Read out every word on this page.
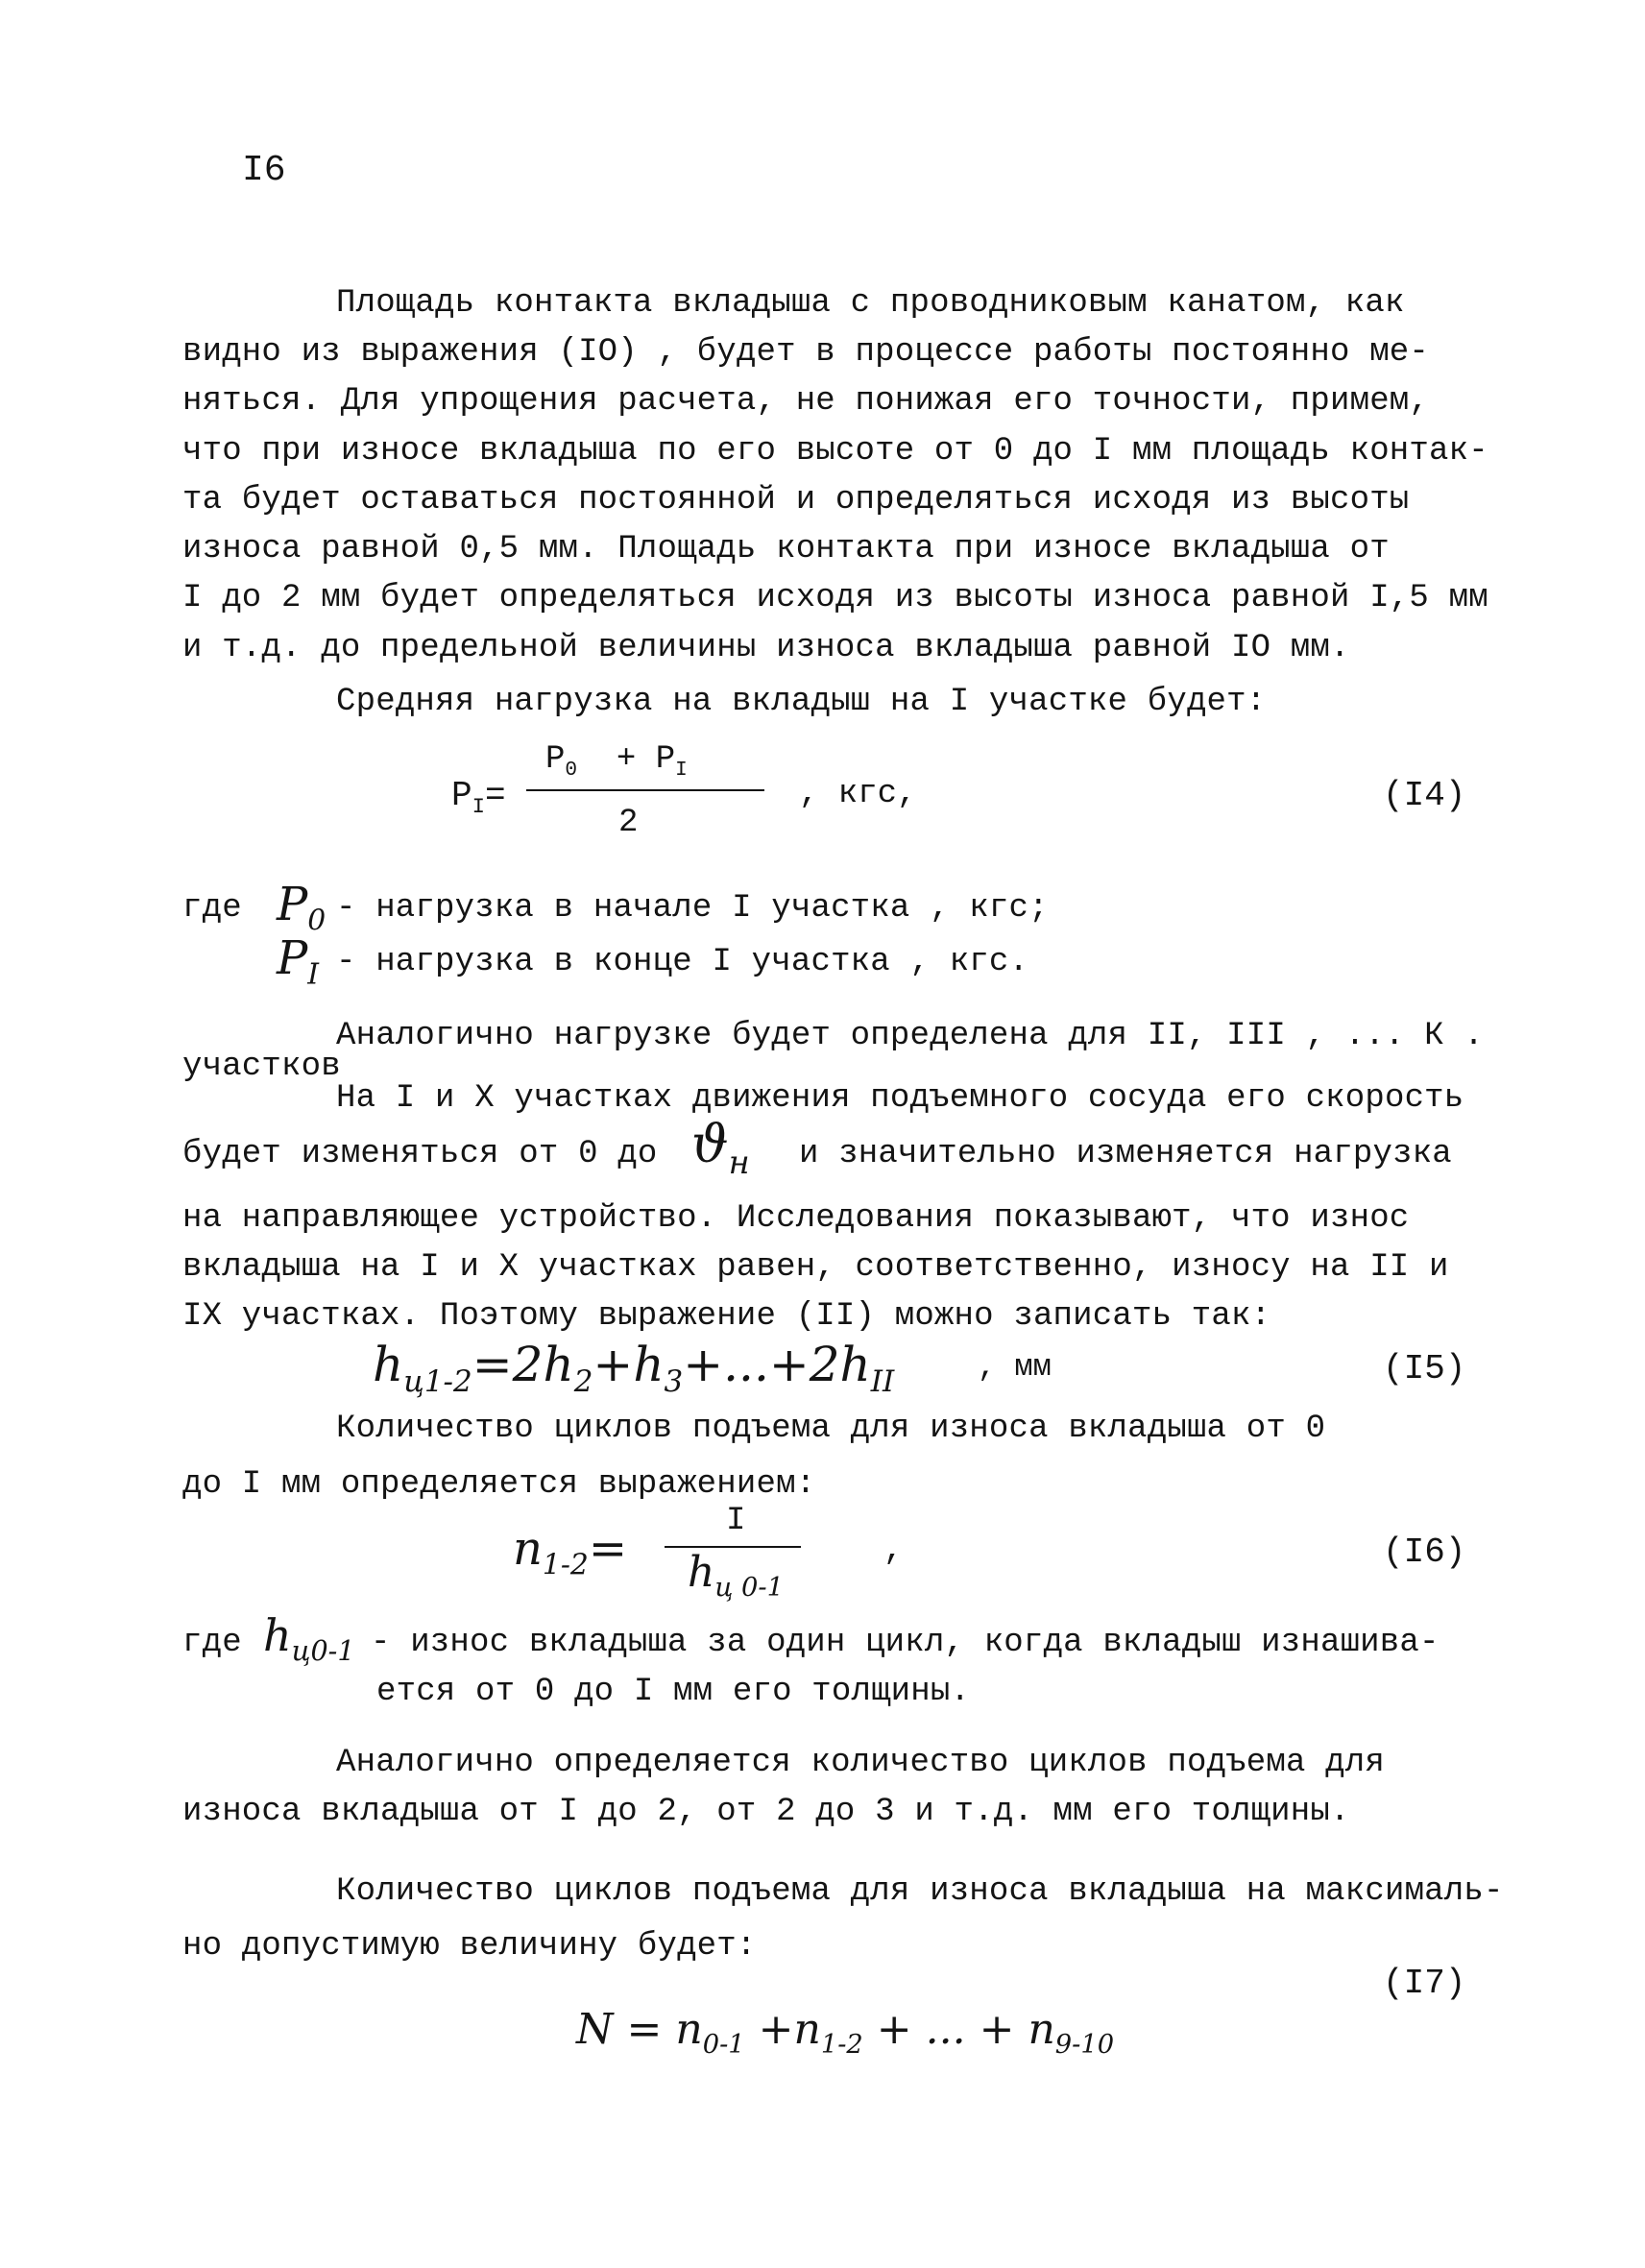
I6
Площадь контакта вкладыша с проводниковым канатом, как
видно из выражения (IO) , будет в процессе работы постоянно ме-
няться. Для упрощения расчета, не понижая его точности, примем,
что при износе вкладыша по его высоте от 0 до I мм площадь контак-
та будет оставаться постоянной и определяться исходя из высоты
износа равной 0,5 мм. Площадь контакта при износе вкладыша от
I до 2 мм будет определяться исходя из высоты износа равной I,5 мм
и т.д. до предельной величины износа вкладыша равной IO мм.
Средняя нагрузка на вкладыш на I участке будет:
$P_I=$
$P_0 + P_I$
2
, кгс,	(I4)
где $P_0$ - нагрузка в начале I участка , кгс;
$P_I$ - нагрузка в конце I участка , кгс.
Аналогично нагрузке будет определена для II, III , ... К .
участков
На I и X участках движения подъемного сосуда его скорость
будет изменяться от 0 до $ϑ_н$ и значительно изменяется нагрузка
на направляющее устройство. Исследования показывают, что износ
вкладыша на I и X участках равен, соответственно, износу на II и
IX участках. Поэтому выражение (II) можно записать так:
$h_{ц1-2}=2h_2+h_3+...+2h_{II}$	, мм	(I5)
Количество циклов подъема для износа вкладыша от 0
до I мм определяется выражением:
$n_{1-2}=$
I
$h_{ц 0-1}$
,	(I6)
где $h_{ц0-1}$ - износ вкладыша за один цикл, когда вкладыш изнашива-
ется от 0 до I мм его толщины.
Аналогично определяется количество циклов подъема для
износа вкладыша от I до 2, от 2 до 3 и т.д. мм его толщины.
Количество циклов подъема для износа вкладыша на максималь-
но допустимую величину будет:
(I7)
$N = n_{0-1} +n_{1-2}$ + ... + $n_{9-10}$
